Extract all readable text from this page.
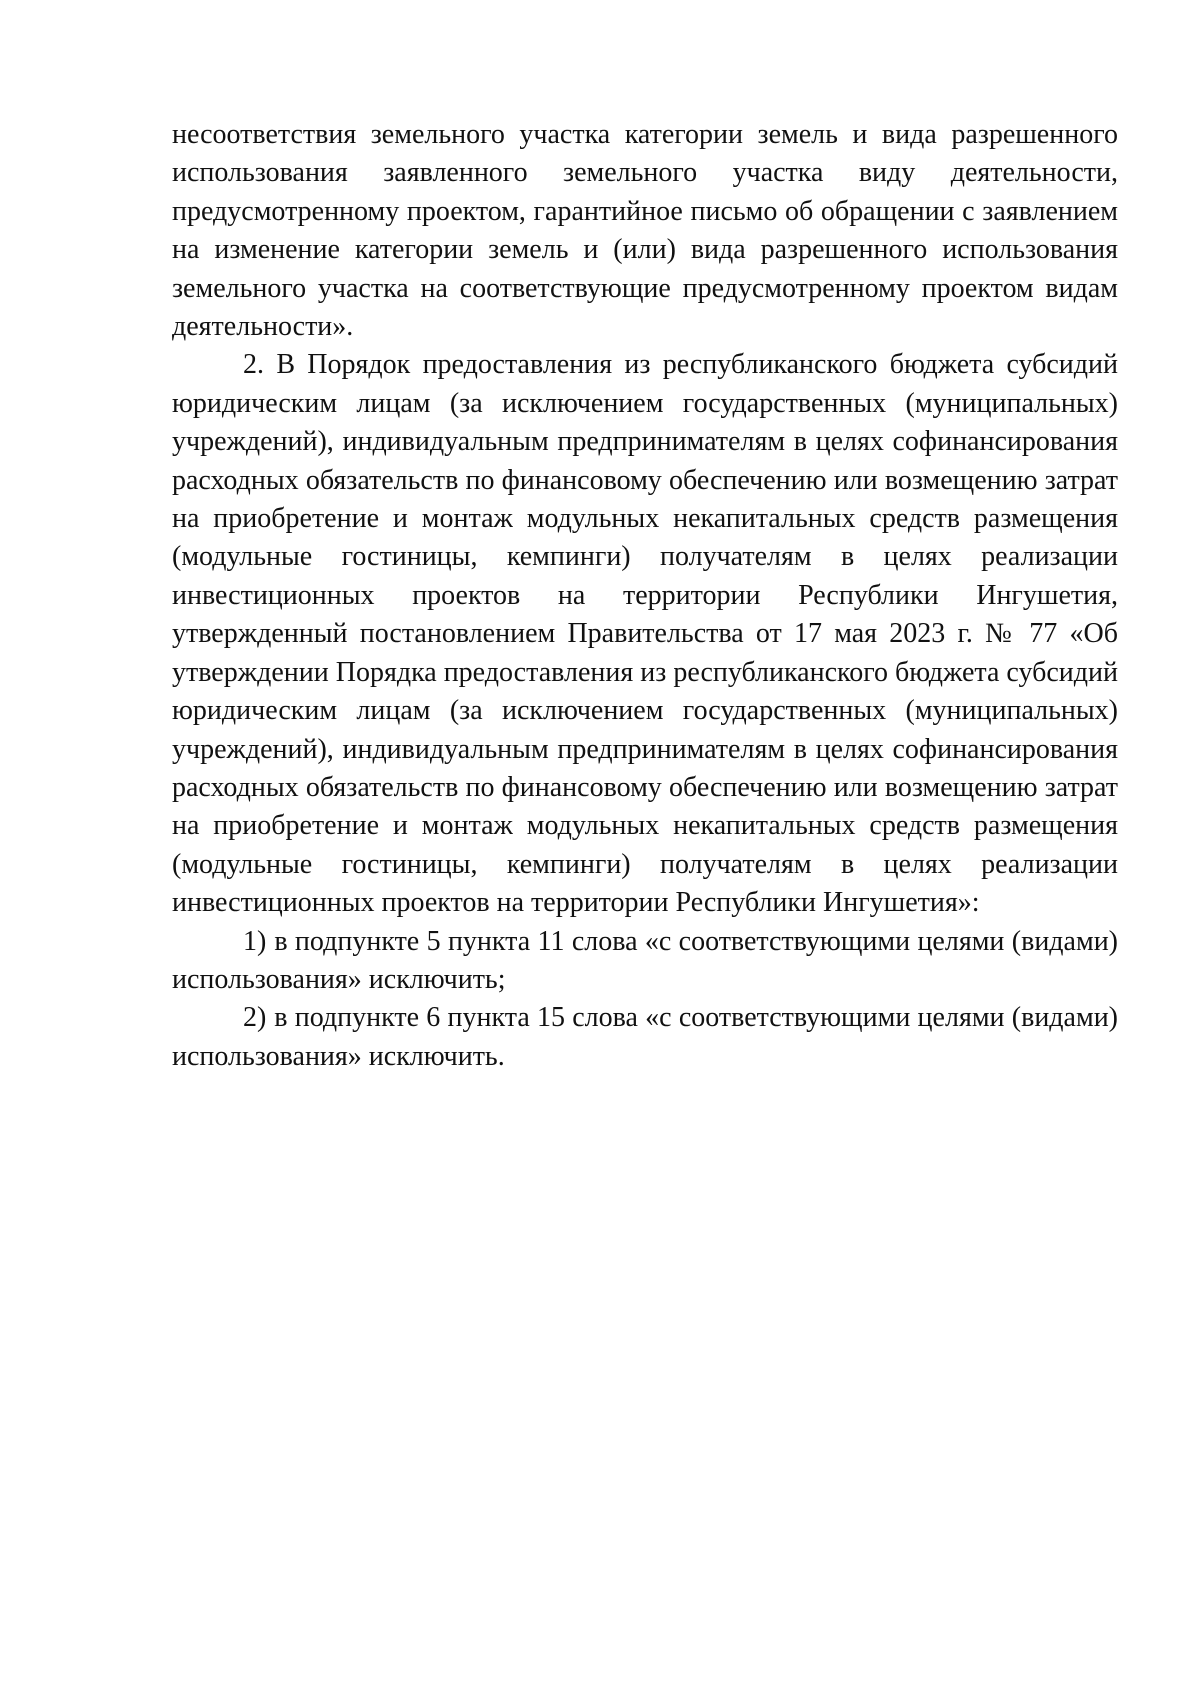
несоответствия земельного участка категории земель и вида разрешенного использования заявленного земельного участка виду деятельности, предусмотренному проектом, гарантийное письмо об обращении с заявлением на изменение категории земель и (или) вида разрешенного использования земельного участка на соответствующие предусмотренному проектом видам деятельности».

2. В Порядок предоставления из республиканского бюджета субсидий юридическим лицам (за исключением государственных (муниципальных) учреждений), индивидуальным предпринимателям в целях софинансирования расходных обязательств по финансовому обеспечению или возмещению затрат на приобретение и монтаж модульных некапитальных средств размещения (модульные гостиницы, кемпинги) получателям в целях реализации инвестиционных проектов на территории Республики Ингушетия, утвержденный постановлением Правительства от 17 мая 2023 г. № 77 «Об утверждении Порядка предоставления из республиканского бюджета субсидий юридическим лицам (за исключением государственных (муниципальных) учреждений), индивидуальным предпринимателям в целях софинансирования расходных обязательств по финансовому обеспечению или возмещению затрат на приобретение и монтаж модульных некапитальных средств размещения (модульные гостиницы, кемпинги) получателям в целях реализации инвестиционных проектов на территории Республики Ингушетия»:

1) в подпункте 5 пункта 11 слова «с соответствующими целями (видами) использования» исключить;

2) в подпункте 6 пункта 15 слова «с соответствующими целями (видами) использования» исключить.
